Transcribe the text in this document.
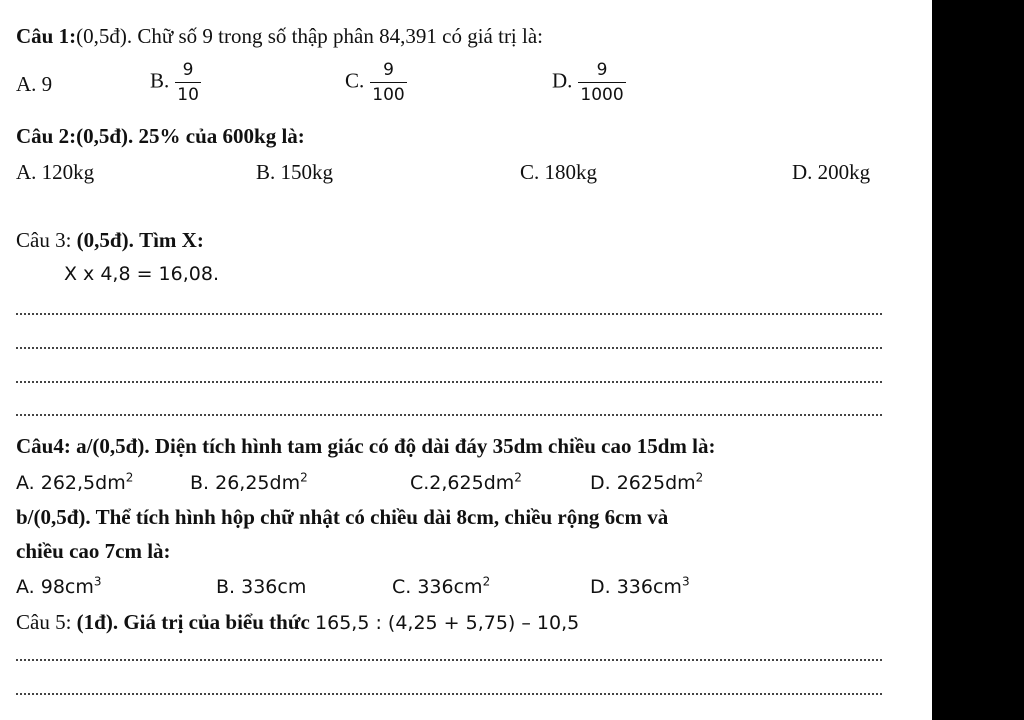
Câu 1:(0,5đ). Chữ số 9 trong số thập phân 84,391 có giá trị là:
A. 9	B. $\frac{9}{10}$	C. $\frac{9}{100}$	D. $\frac{9}{1000}$
Câu 2:(0,5đ). 25% của 600kg là:
A. 120kg	B. 150kg	C. 180kg	D. 200kg
Câu 3: (0,5đ). Tìm X:
X x 4,8 = 16,08.
Câu4: a/(0,5đ). Diện tích hình tam giác có độ dài đáy 35dm chiều cao 15dm là:
A. $262,5dm^2$	B. $26,25dm^2$	$C.2,625dm^2$	D. $2625dm^2$
b/(0,5đ). Thể tích hình hộp chữ nhật có chiều dài 8cm, chiều rộng 6cm và
chiều cao 7cm là:
A. $98cm^3$	B. 336cm	C. $336cm^2$	D. $336cm^3$
Câu 5: (1đ). Giá trị của biểu thức 165,5 : (4,25 + 5,75) – 10,5
